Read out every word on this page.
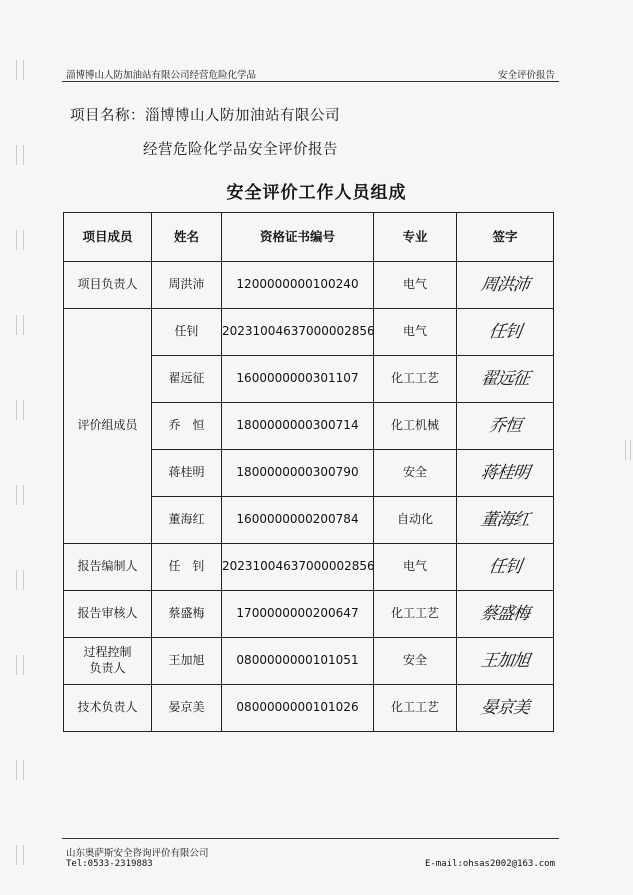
淄博博山人防加油站有限公司经营危险化学品	安全评价报告
项目名称：淄博博山人防加油站有限公司
经营危险化学品安全评价报告
安全评价工作人员组成
项目成员	姓名	资格证书编号	专业	签字
项目负责人	周洪沛	1200000000100240	电气	周洪沛
评价组成员	任钊	20231004637000002856	电气	任钊
	翟远征	1600000000301107	化工工艺	翟远征
	乔　恒	1800000000300714	化工机械	乔恒
	蒋桂明	1800000000300790	安全	蒋桂明
	董海红	1600000000200784	自动化	董海红
报告编制人	任　钊	20231004637000002856	电气	任钊
报告审核人	蔡盛梅	1700000000200647	化工工艺	蔡盛梅
过程控制
负责人	王加旭	0800000000101051	安全	王加旭
技术负责人	晏京美	0800000000101026	化工工艺	晏京美
山东奥萨斯安全咨询评价有限公司
Tel:0533-2319883	E-mail:ohsas2002@163.com
